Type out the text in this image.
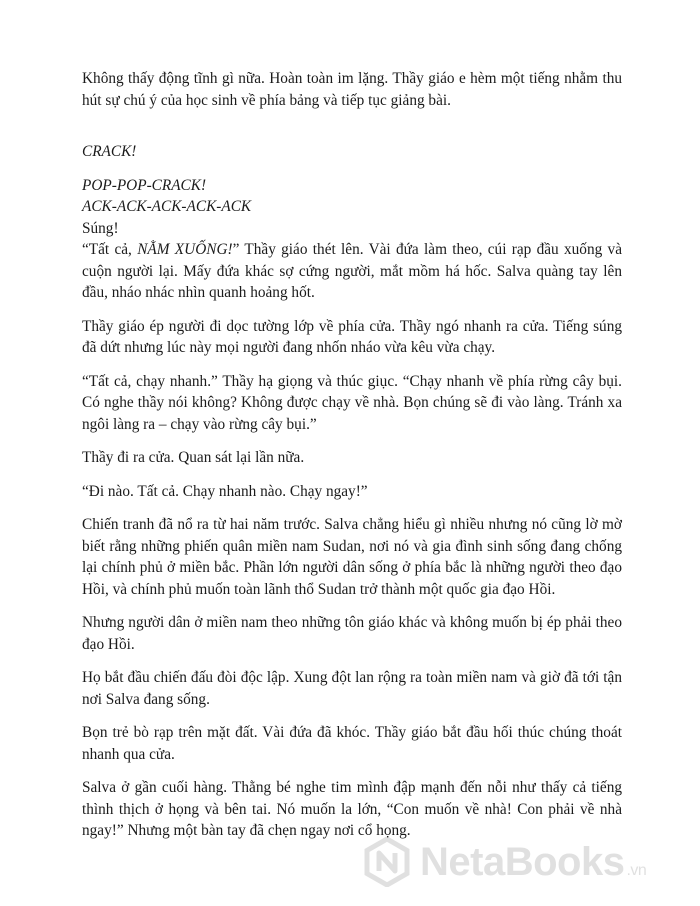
Không thấy động tĩnh gì nữa. Hoàn toàn im lặng. Thầy giáo e hèm một tiếng nhằm thu hút sự chú ý của học sinh về phía bảng và tiếp tục giảng bài.

CRACK!

POP-POP-CRACK!

ACK-ACK-ACK-ACK-ACK

Súng!

“Tất cả, NẰM XUỐNG!” Thầy giáo thét lên. Vài đứa làm theo, cúi rạp đầu xuống và cuộn người lại. Mấy đứa khác sợ cứng người, mắt mồm há hốc. Salva quàng tay lên đầu, nháo nhác nhìn quanh hoảng hốt.

Thầy giáo ép người đi dọc tường lớp về phía cửa. Thầy ngó nhanh ra cửa. Tiếng súng đã dứt nhưng lúc này mọi người đang nhốn nháo vừa kêu vừa chạy.

“Tất cả, chạy nhanh.” Thầy hạ giọng và thúc giục. “Chạy nhanh về phía rừng cây bụi. Có nghe thầy nói không? Không được chạy về nhà. Bọn chúng sẽ đi vào làng. Tránh xa ngôi làng ra – chạy vào rừng cây bụi.”

Thầy đi ra cửa. Quan sát lại lần nữa.

“Đi nào. Tất cả. Chạy nhanh nào. Chạy ngay!”

Chiến tranh đã nổ ra từ hai năm trước. Salva chẳng hiểu gì nhiều nhưng nó cũng lờ mờ biết rằng những phiến quân miền nam Sudan, nơi nó và gia đình sinh sống đang chống lại chính phủ ở miền bắc. Phần lớn người dân sống ở phía bắc là những người theo đạo Hồi, và chính phủ muốn toàn lãnh thổ Sudan trở thành một quốc gia đạo Hồi.

Nhưng người dân ở miền nam theo những tôn giáo khác và không muốn bị ép phải theo đạo Hồi.

Họ bắt đầu chiến đấu đòi độc lập. Xung đột lan rộng ra toàn miền nam và giờ đã tới tận nơi Salva đang sống.

Bọn trẻ bò rạp trên mặt đất. Vài đứa đã khóc. Thầy giáo bắt đầu hối thúc chúng thoát nhanh qua cửa.

Salva ở gần cuối hàng. Thằng bé nghe tim mình đập mạnh đến nỗi như thấy cả tiếng thình thịch ở họng và bên tai. Nó muốn la lớn, “Con muốn về nhà! Con phải về nhà ngay!” Nhưng một bàn tay đã chẹn ngay nơi cổ họng.

NetaBooks .vn
